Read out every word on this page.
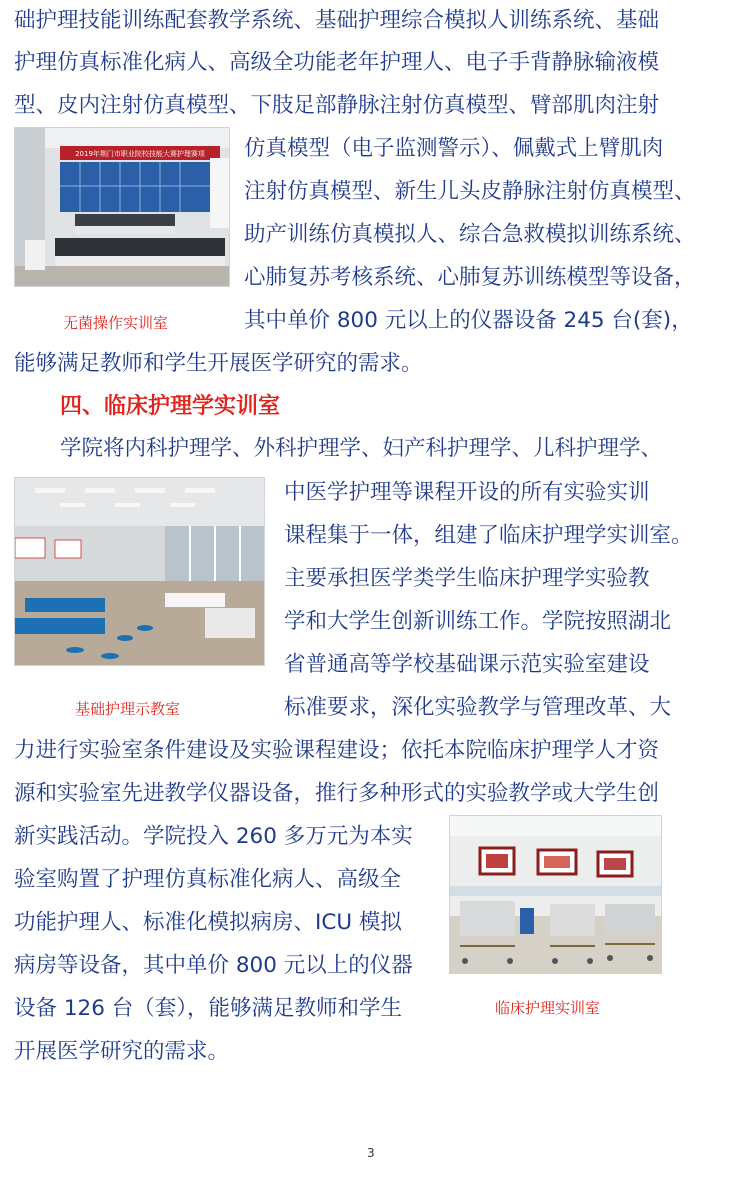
础护理技能训练配套教学系统、基础护理综合模拟人训练系统、基础
护理仿真标准化病人、高级全功能老年护理人、电子手背静脉输液模
型、皮内注射仿真模型、下肢足部静脉注射仿真模型、臂部肌肉注射
仿真模型（电子监测警示）、佩戴式上臂肌肉
注射仿真模型、新生儿头皮静脉注射仿真模型、
助产训练仿真模拟人、综合急救模拟训练系统、
心肺复苏考核系统、心肺复苏训练模型等设备，
其中单价 800 元以上的仪器设备 245 台(套)，
能够满足教师和学生开展医学研究的需求。
2019年荆门市职业院校技能大赛护理赛项
无菌操作实训室
四、临床护理学实训室
学院将内科护理学、外科护理学、妇产科护理学、儿科护理学、
中医学护理等课程开设的所有实验实训
课程集于一体，组建了临床护理学实训室。
主要承担医学类学生临床护理学实验教
学和大学生创新训练工作。学院按照湖北
省普通高等学校基础课示范实验室建设
标准要求，深化实验教学与管理改革、大
力进行实验室条件建设及实验课程建设；依托本院临床护理学人才资
源和实验室先进教学仪器设备，推行多种形式的实验教学或大学生创
基础护理示教室
新实践活动。学院投入 260 多万元为本实
验室购置了护理仿真标准化病人、高级全
功能护理人、标准化模拟病房、ICU 模拟
病房等设备，其中单价 800 元以上的仪器
设备 126 台（套），能够满足教师和学生
开展医学研究的需求。
临床护理实训室
3
